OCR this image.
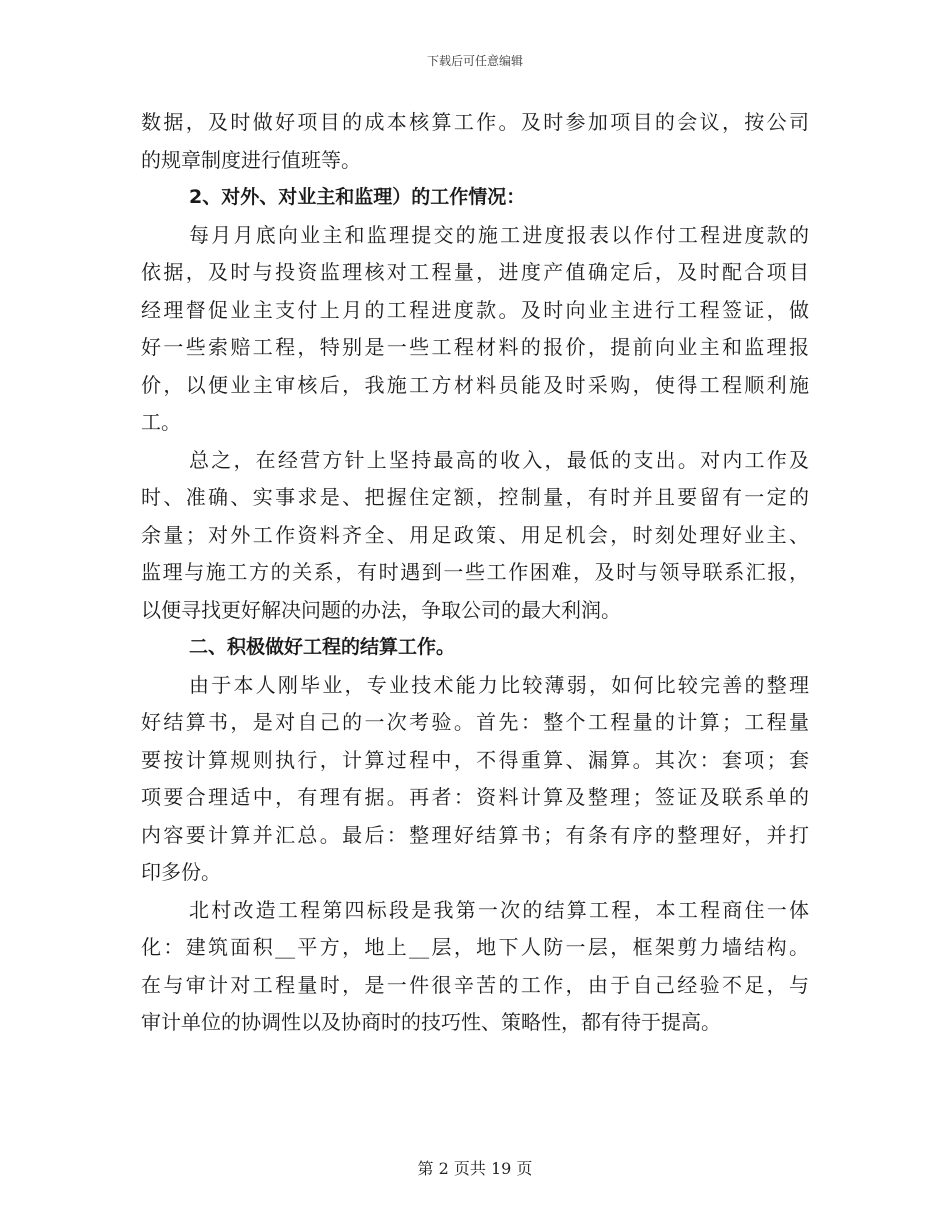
下载后可任意编辑
数据，及时做好项目的成本核算工作。及时参加项目的会议，按公司
的规章制度进行值班等。
2、对外、对业主和监理）的工作情况：
每月月底向业主和监理提交的施工进度报表以作付工程进度款的
依据，及时与投资监理核对工程量，进度产值确定后，及时配合项目
经理督促业主支付上月的工程进度款。及时向业主进行工程签证，做
好一些索赔工程，特别是一些工程材料的报价，提前向业主和监理报
价，以便业主审核后，我施工方材料员能及时采购，使得工程顺利施
工。
总之，在经营方针上坚持最高的收入，最低的支出。对内工作及
时、准确、实事求是、把握住定额，控制量，有时并且要留有一定的
余量；对外工作资料齐全、用足政策、用足机会，时刻处理好业主、
监理与施工方的关系，有时遇到一些工作困难，及时与领导联系汇报，
以便寻找更好解决问题的办法，争取公司的最大利润。
二、积极做好工程的结算工作。
由于本人刚毕业，专业技术能力比较薄弱，如何比较完善的整理
好结算书，是对自己的一次考验。首先：整个工程量的计算；工程量
要按计算规则执行，计算过程中，不得重算、漏算。其次：套项；套
项要合理适中，有理有据。再者：资料计算及整理；签证及联系单的
内容要计算并汇总。最后：整理好结算书；有条有序的整理好，并打
印多份。
北村改造工程第四标段是我第一次的结算工程，本工程商住一体
化：建筑面积__平方，地上__层，地下人防一层，框架剪力墙结构。
在与审计对工程量时，是一件很辛苦的工作，由于自己经验不足，与
审计单位的协调性以及协商时的技巧性、策略性，都有待于提高。
第 2 页共 19 页
